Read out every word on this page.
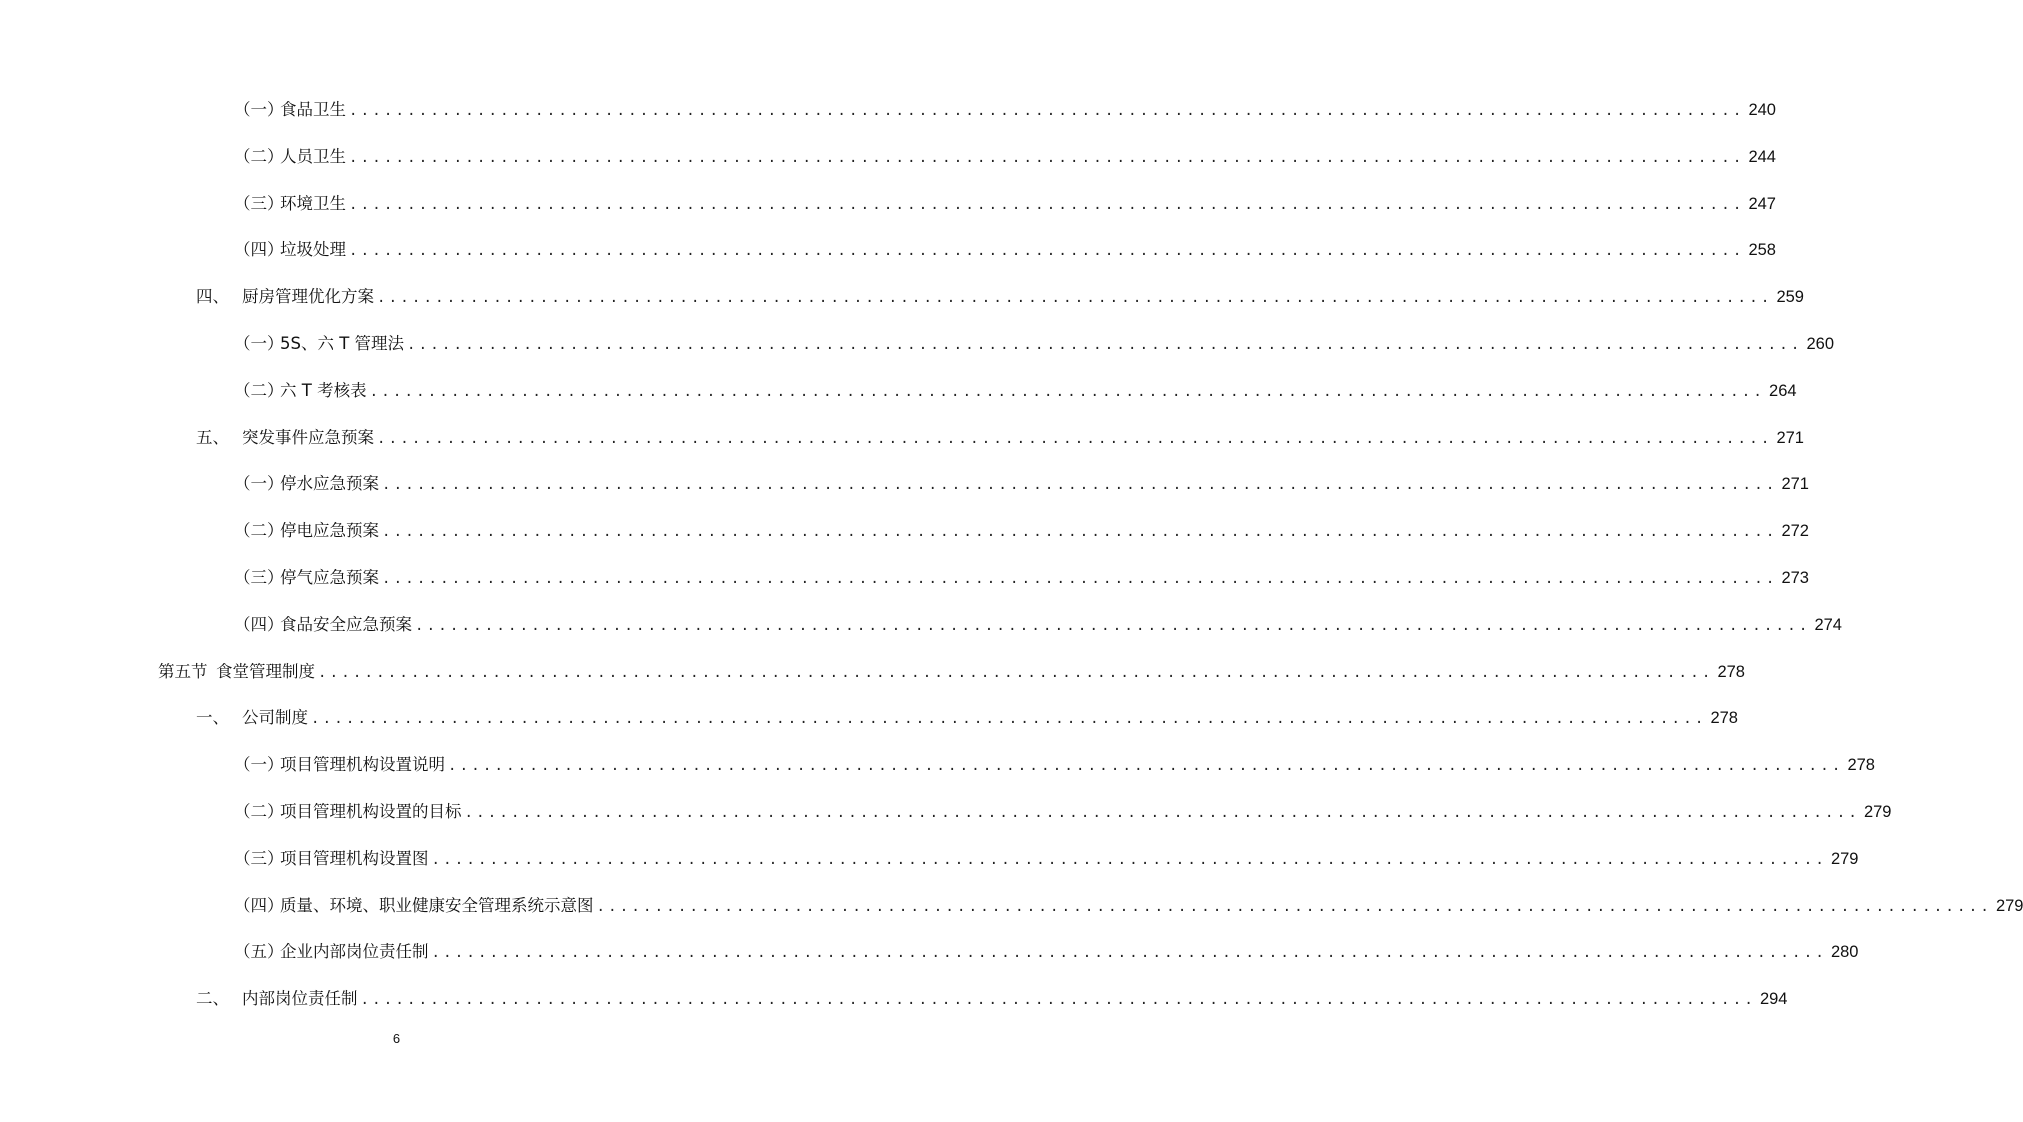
（一）
食品卫生 ........................................................................................................................ 240
（二）
人员卫生 ........................................................................................................................ 244
（三）
环境卫生 ........................................................................................................................ 247
（四）
垃圾处理 ........................................................................................................................ 258
四、 厨房管理优化方案 ........................................................................................................................ 259
（一）
5S、六 T 管理法 ........................................................................................................................ 260
（二）
六 T 考核表 ........................................................................................................................ 264
五、 突发事件应急预案 ........................................................................................................................ 271
（一）
停水应急预案 ........................................................................................................................ 271
（二）
停电应急预案 ........................................................................................................................ 272
（三）
停气应急预案 ........................................................................................................................ 273
（四）
食品安全应急预案 ........................................................................................................................ 274
第五节 食堂管理制度 ........................................................................................................................ 278
一、 公司制度 ........................................................................................................................ 278
（一）
项目管理机构设置说明 ........................................................................................................................ 278
（二）
项目管理机构设置的目标 ........................................................................................................................ 279
（三）
项目管理机构设置图 ........................................................................................................................ 279
（四）
质量、环境、职业健康安全管理系统示意图 ........................................................................................................................ 279
（五）
企业内部岗位责任制 ........................................................................................................................ 280
二、 内部岗位责任制 ........................................................................................................................ 294
6
